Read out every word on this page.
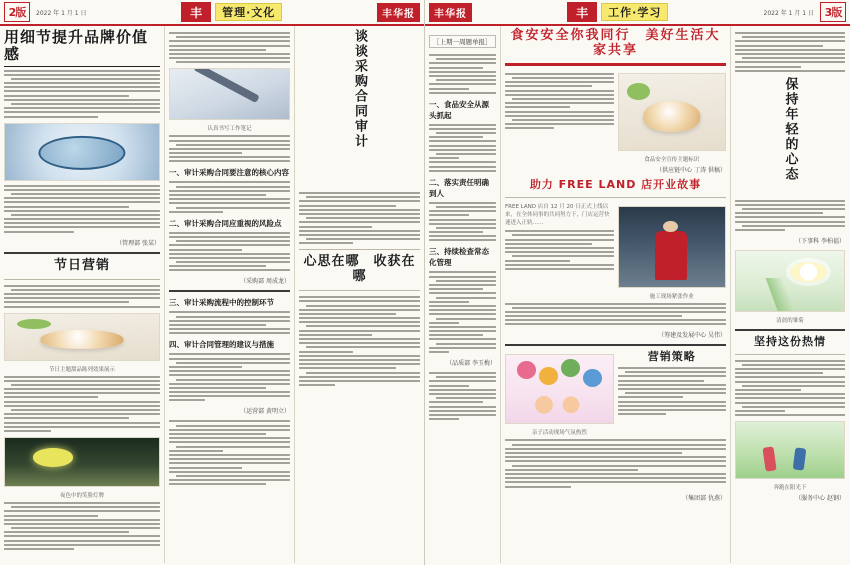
2版	2022 年 1 月 1 日	丰	管理·文化	丰华报
用细节提升品牌价值感
（管理部 张某）
节日营销
节日主题甜品陈列效果展示
夜色中的笑脸灯牌
认真书写工作笔记
一、审计采购合同要注意的核心内容
二、审计采购合同应重视的风险点
（采购部 周成龙）
三、审计采购流程中的控制环节
四、审计合同管理的建议与措施
（运营部 黄明立）
谈谈采购合同审计
心思在哪　收获在哪
丰华报	丰	工作·学习	2022 年 1 月 1 日 3版
［上期一周题单报］
一、食品安全从源头抓起
二、落实责任明确到人
三、持续检查常态化管理
（品质部 李玉梅）
食安安全你我同行　美好生活大家共享
食品安全宣传主题标识
（供应链中心 丁涛 供稿）
助力 FREE LAND 店开业故事
FREE LAND 店自 12 月 20 日正式上线以来，在全体同事的共同努力下，门店运营快速进入正轨……
施工现场紧张作业
（筹建及发展中心 吴伟）
亲子活动现场气氛热烈
营销策略
（集团部 仇燕）
保持年轻的心态
（下事科 李柏福）
清晨的雏菊
坚持这份热情
奔跑在阳光下
（服务中心 赵钢）
